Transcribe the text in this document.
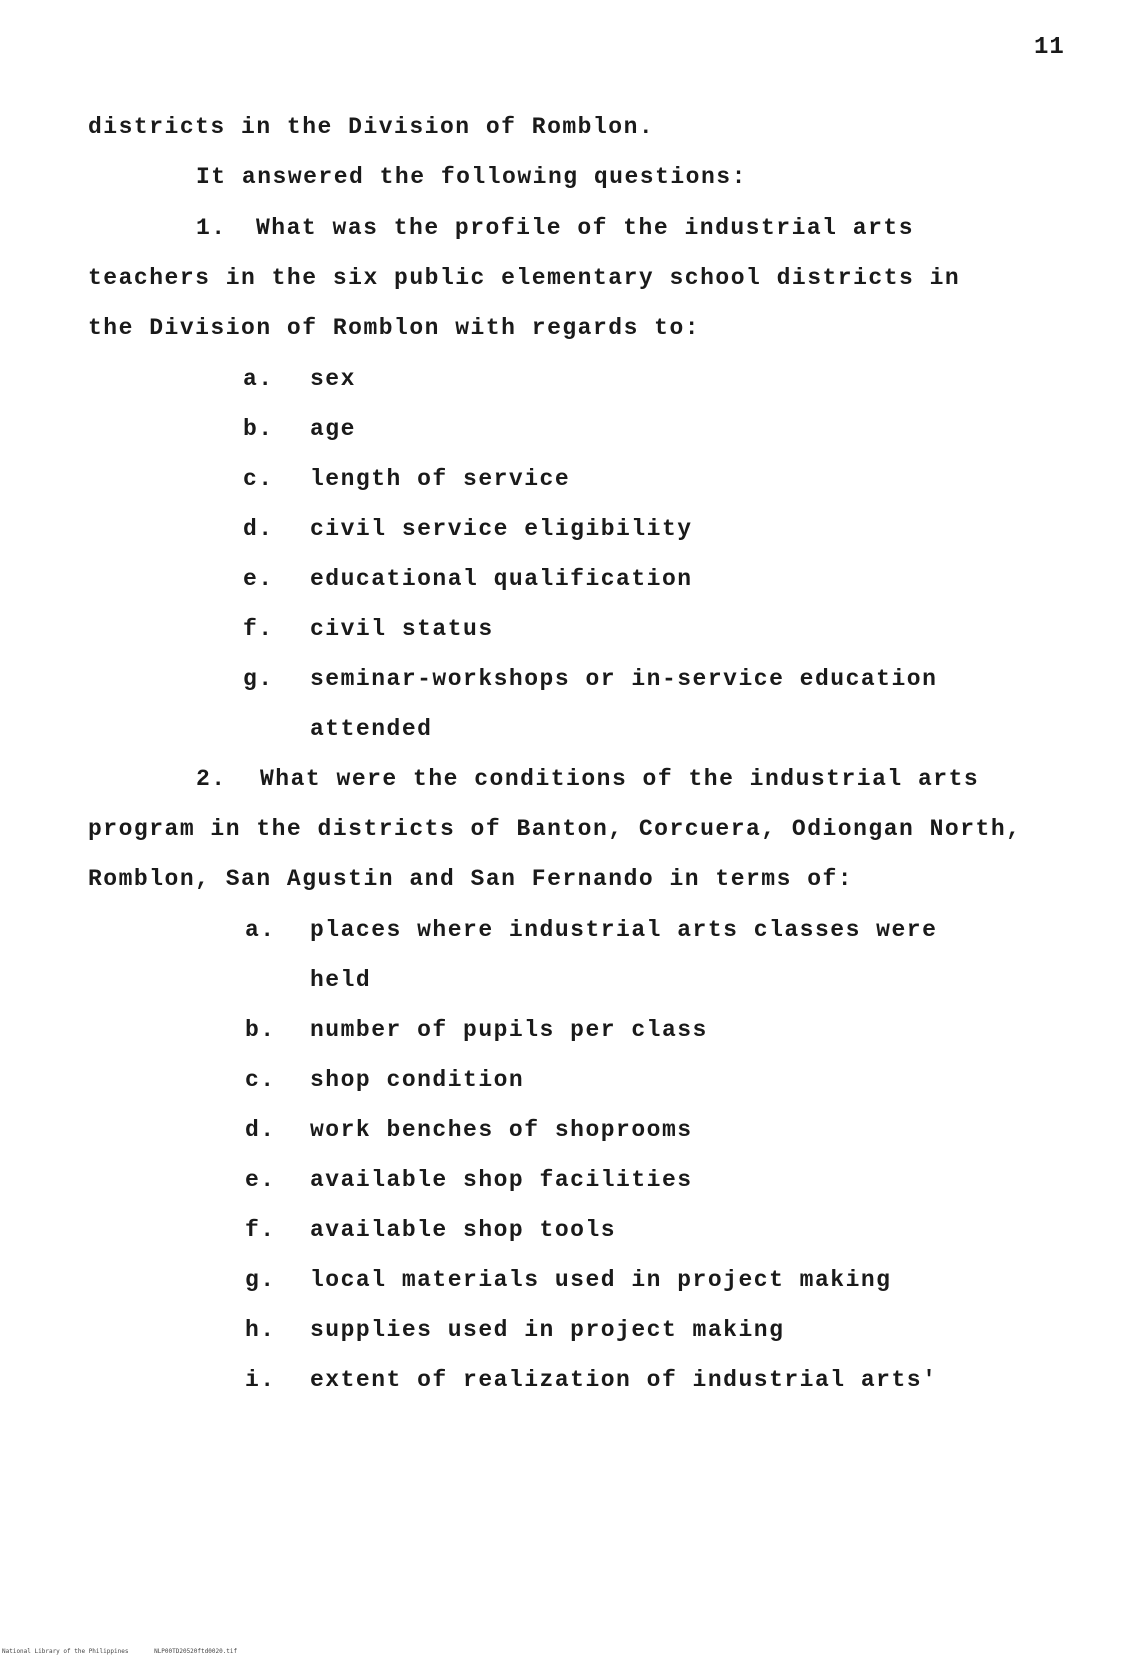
11
districts in the Division of Romblon.
It answered the following questions:
1. What was the profile of the industrial arts
teachers in the six public elementary school districts in
the Division of Romblon with regards to:
a. sex
b. age
c. length of service
d. civil service eligibility
e. educational qualification
f. civil status
g. seminar-workshops or in-service education
attended
2. What were the conditions of the industrial arts
program in the districts of Banton, Corcuera, Odiongan North,
Romblon, San Agustin and San Fernando in terms of:
a. places where industrial arts classes were
held
b. number of pupils per class
c. shop condition
d. work benches of shoprooms
e. available shop facilities
f. available shop tools
g. local materials used in project making
h. supplies used in project making
i. extent of realization of industrial arts'
National Library of the Philippines	NLP00TD20520ftd0020.tif
